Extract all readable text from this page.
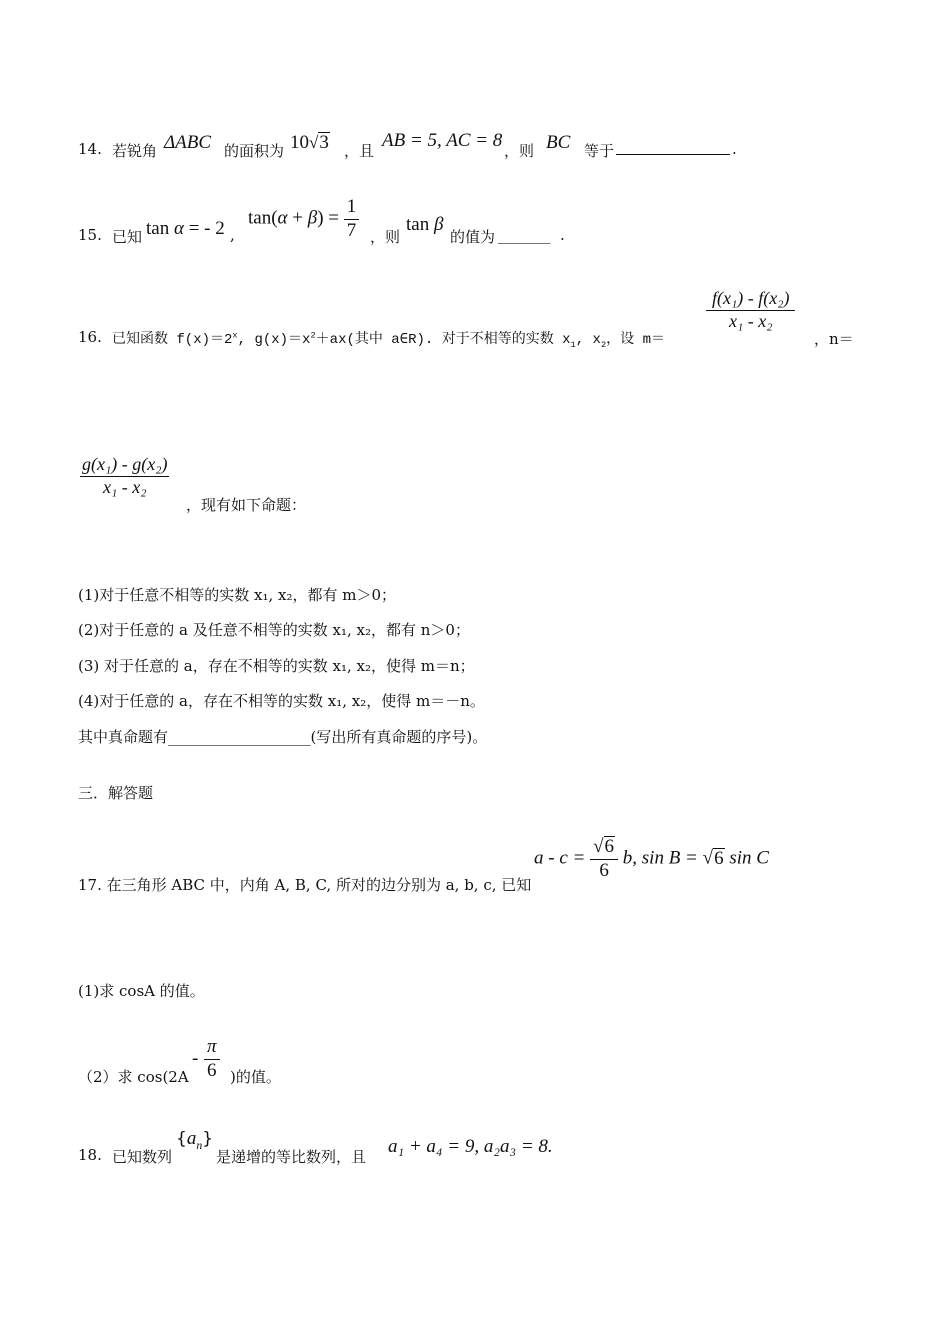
14. 若锐角 ΔABC 的面积为 10√3 ，且 AB = 5, AC = 8 ，则 BC 等于	.
15. 已知 tan α = - 2 ,
$\tan(\alpha + \beta) = \frac{1}{7}$ ，则
tan β
的值为 _______ .
16. 已知函数 $f(x)=2^x$, $g(x)=x^2+ax$(其中 a∈R). 对于不相等的实数 $x_1$, $x_2$，设 m＝
$\frac{\text{f(x₁) - f(x₂)}}{\text{x₁ - x₂}}$
，n＝
$\frac{\text{g(x₁) - g(x₂)}}{\text{x₁ - x₂}}$
，现有如下命题：
(1)对于任意不相等的实数 x₁, x₂，都有 m＞0；
(2)对于任意的 a 及任意不相等的实数 x₁, x₂，都有 n＞0；
(3) 对于任意的 a，存在不相等的实数 x₁, x₂，使得 m＝n；
(4)对于任意的 a，存在不相等的实数 x₁, x₂，使得 m＝－n。
其中真命题有___________________(写出所有真命题的序号)。
三．解答题
17. 在三角形 ABC 中，内角 A, B, C, 所对的边分别为 a, b, c, 已知
$a - c = \frac{√6}{6} b$, sin B = √6 sin C
(1)求 cosA 的值。
（2）求 cos(2A
- $\frac{\pi}{6}$ )的值。
18. 已知数列
$\{a_n\}$
是递增的等比数列，且 a₁ + a₄ = 9, a₂a₃ = 8.
